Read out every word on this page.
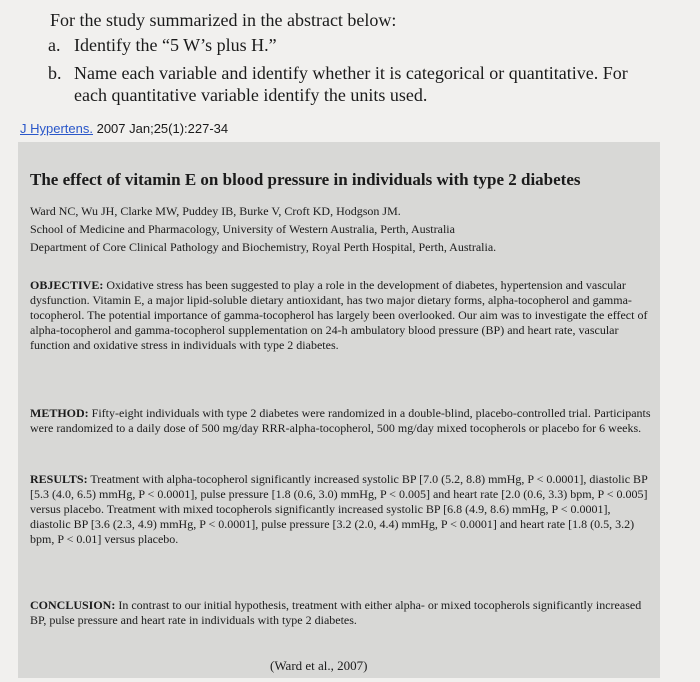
For the study summarized in the abstract below:
a. Identify the “5 W’s plus H.”
b. Name each variable and identify whether it is categorical or quantitative. For
each quantitative variable identify the units used.
J Hypertens. 2007 Jan;25(1):227-34
The effect of vitamin E on blood pressure in individuals with type 2 diabetes
Ward NC, Wu JH, Clarke MW, Puddey IB, Burke V, Croft KD, Hodgson JM.
School of Medicine and Pharmacology, University of Western Australia, Perth, Australia
Department of Core Clinical Pathology and Biochemistry, Royal Perth Hospital, Perth, Australia.
OBJECTIVE: Oxidative stress has been suggested to play a role in the development of diabetes, hypertension and vascular dysfunction. Vitamin E, a major lipid-soluble dietary antioxidant, has two major dietary forms, alpha-tocopherol and gamma-tocopherol. The potential importance of gamma-tocopherol has largely been overlooked. Our aim was to investigate the effect of alpha-tocopherol and gamma-tocopherol supplementation on 24-h ambulatory blood pressure (BP) and heart rate, vascular function and oxidative stress in individuals with type 2 diabetes.
METHOD: Fifty-eight individuals with type 2 diabetes were randomized in a double-blind, placebo-controlled trial. Participants were randomized to a daily dose of 500 mg/day RRR-alpha-tocopherol, 500 mg/day mixed tocopherols or placebo for 6 weeks.
RESULTS: Treatment with alpha-tocopherol significantly increased systolic BP [7.0 (5.2, 8.8) mmHg, P < 0.0001], diastolic BP [5.3 (4.0, 6.5) mmHg, P < 0.0001], pulse pressure [1.8 (0.6, 3.0) mmHg, P < 0.005] and heart rate [2.0 (0.6, 3.3) bpm, P < 0.005] versus placebo. Treatment with mixed tocopherols significantly increased systolic BP [6.8 (4.9, 8.6) mmHg, P < 0.0001], diastolic BP [3.6 (2.3, 4.9) mmHg, P < 0.0001], pulse pressure [3.2 (2.0, 4.4) mmHg, P < 0.0001] and heart rate [1.8 (0.5, 3.2) bpm, P < 0.01] versus placebo.
CONCLUSION: In contrast to our initial hypothesis, treatment with either alpha- or mixed tocopherols significantly increased BP, pulse pressure and heart rate in individuals with type 2 diabetes.
(Ward et al., 2007)
